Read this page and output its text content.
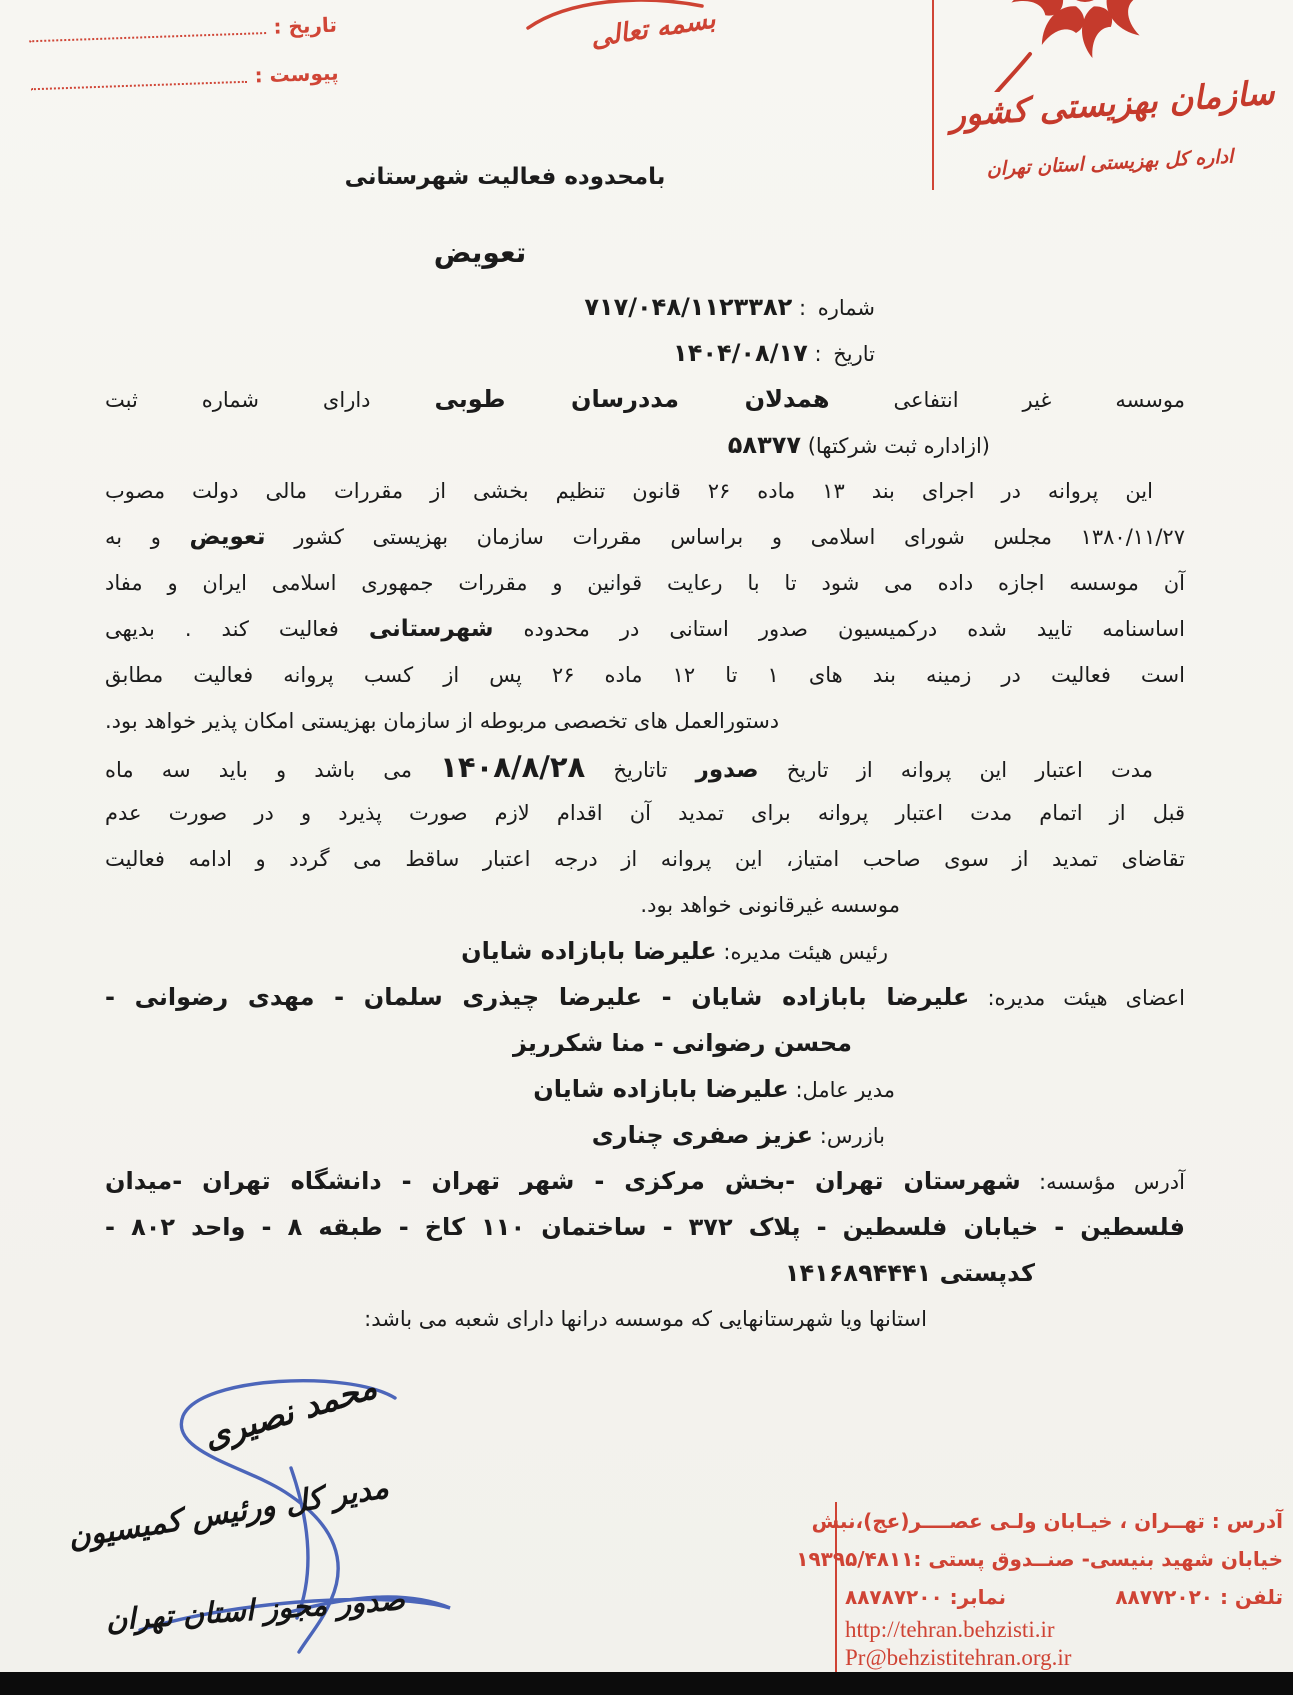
تاریخ :
پیوست :
بسمه تعالی
سازمان بهزیستی کشور
اداره کل بهزیستی استان تهران
بامحدوده فعالیت شهرستانی
تعویض
شماره : ۷۱۷/۰۴۸/۱۱۲۳۳۸۲
تاریخ : ۱۴۰۴/۰۸/۱۷
موسسه غیر انتفاعی همدلان مددرسان طوبی دارای شماره ثبت
(ازاداره ثبت شرکتها) ۵۸۳۷۷
این پروانه در اجرای بند ۱۳ ماده ۲۶ قانون تنظیم بخشی از مقررات مالی دولت مصوب
۱۳۸۰/۱۱/۲۷ مجلس شورای اسلامی و براساس مقررات سازمان بهزیستی کشور تعویض و به
آن موسسه اجازه داده می شود تا با رعایت قوانین و مقررات جمهوری اسلامی ایران و مفاد
اساسنامه تایید شده درکمیسیون صدور استانی در محدوده شهرستانی فعالیت کند . بدیهی
است فعالیت در زمینه بند های ۱ تا ۱۲ ماده ۲۶ پس از کسب پروانه فعالیت مطابق
دستورالعمل های تخصصی مربوطه از سازمان بهزیستی امکان پذیر خواهد بود.
مدت اعتبار این پروانه از تاریخ صدور تاتاریخ ۱۴۰۸/۸/۲۸ می باشد و باید سه ماه
قبل از اتمام مدت اعتبار پروانه برای تمدید آن اقدام لازم صورت پذیرد و در صورت عدم
تقاضای تمدید از سوی صاحب امتیاز، این پروانه از درجه اعتبار ساقط می گردد و ادامه فعالیت
موسسه غیرقانونی خواهد بود.
رئیس هیئت مدیره: علیرضا بابازاده شایان
اعضای هیئت مدیره: علیرضا بابازاده شایان - علیرضا چیذری سلمان - مهدی رضوانی -
محسن رضوانی - منا شکرریز
مدیر عامل: علیرضا بابازاده شایان
بازرس: عزیز صفری چناری
آدرس مؤسسه: شهرستان تهران -بخش مرکزی - شهر تهران - دانشگاه تهران -میدان
فلسطین - خیابان فلسطین - پلاک ۳۷۲ - ساختمان ۱۱۰ کاخ - طبقه ۸ - واحد ۸۰۲ -
کدپستی ۱۴۱۶۸۹۴۴۴۱
استانها ویا شهرستانهایی که موسسه درانها دارای شعبه می باشد:
محمد نصیری
مدیر کل ورئیس کمیسیون
صدور مجوز استان تهران
آدرس : تهــران ، خیـابان ولـی عصــــر(عج)،نبش
خیابان شهید بنیسی- صنــدوق پستی :۱۹۳۹۵/۴۸۱۱
تلفن : ۸۸۷۷۲۰۲۰
نمابر: ۸۸۷۸۷۲۰۰
http://tehran.behzisti.ir
Pr@behzistitehran.org.ir
